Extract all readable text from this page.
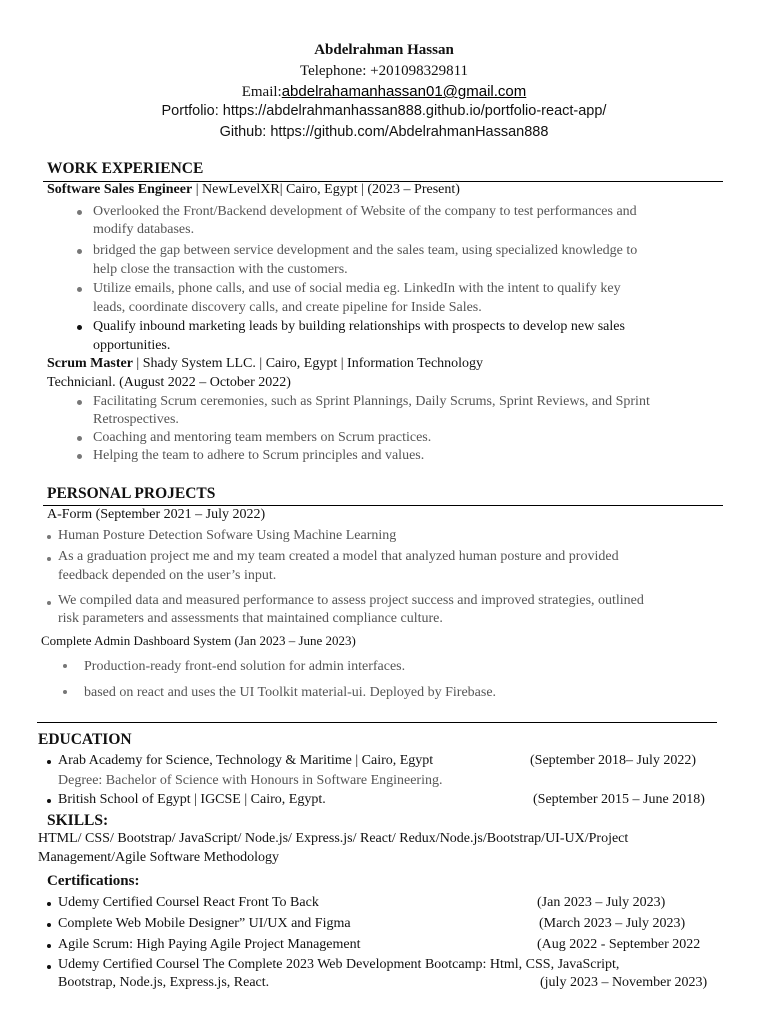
Abdelrahman Hassan
Telephone: +201098329811
Email:abdelrahamanhassan01@gmail.com
Portfolio: https://abdelrahmanhassan888.github.io/portfolio-react-app/
Github: https://github.com/AbdelrahmanHassan888
WORK EXPERIENCE
Software Sales Engineer | NewLevelXR| Cairo, Egypt | (2023 – Present)
Overlooked the Front/Backend development of Website of the company to test performances and
modify databases.
bridged the gap between service development and the sales team, using specialized knowledge to
help close the transaction with the customers.
Utilize emails, phone calls, and use of social media eg. LinkedIn with the intent to qualify key
leads, coordinate discovery calls, and create pipeline for Inside Sales.
Qualify inbound marketing leads by building relationships with prospects to develop new sales
opportunities.
Scrum Master | Shady System LLC. | Cairo, Egypt | Information Technology
Technicianl. (August 2022 – October 2022)
Facilitating Scrum ceremonies, such as Sprint Plannings, Daily Scrums, Sprint Reviews, and Sprint
Retrospectives.
Coaching and mentoring team members on Scrum practices.
Helping the team to adhere to Scrum principles and values.
PERSONAL PROJECTS
A-Form (September 2021 – July 2022)
Human Posture Detection Sofware Using Machine Learning
As a graduation project me and my team created a model that analyzed human posture and provided
feedback depended on the user’s input.
We compiled data and measured performance to assess project success and improved strategies, outlined
risk parameters and assessments that maintained compliance culture.
Complete Admin Dashboard System (Jan 2023 – June 2023)
Production-ready front-end solution for admin interfaces.
based on react and uses the UI Toolkit material-ui. Deployed by Firebase.
EDUCATION
Arab Academy for Science, Technology & Maritime | Cairo, Egypt	(September 2018– July 2022)
Degree: Bachelor of Science with Honours in Software Engineering.
British School of Egypt | IGCSE | Cairo, Egypt.	(September 2015 – June 2018)
SKILLS:
HTML/ CSS/ Bootstrap/ JavaScript/ Node.js/ Express.js/ React/ Redux/Node.js/Bootstrap/UI-UX/Project
Management/Agile Software Methodology
Certifications:
Udemy Certified Coursel React Front To Back	(Jan 2023 – July 2023)
Complete Web Mobile Designer” UI/UX and Figma	(March 2023 – July 2023)
Agile Scrum: High Paying Agile Project Management	(Aug 2022 - September 2022
Udemy Certified Coursel The Complete 2023 Web Development Bootcamp: Html, CSS, JavaScript,
Bootstrap, Node.js, Express.js, React.	(july 2023 – November 2023)
